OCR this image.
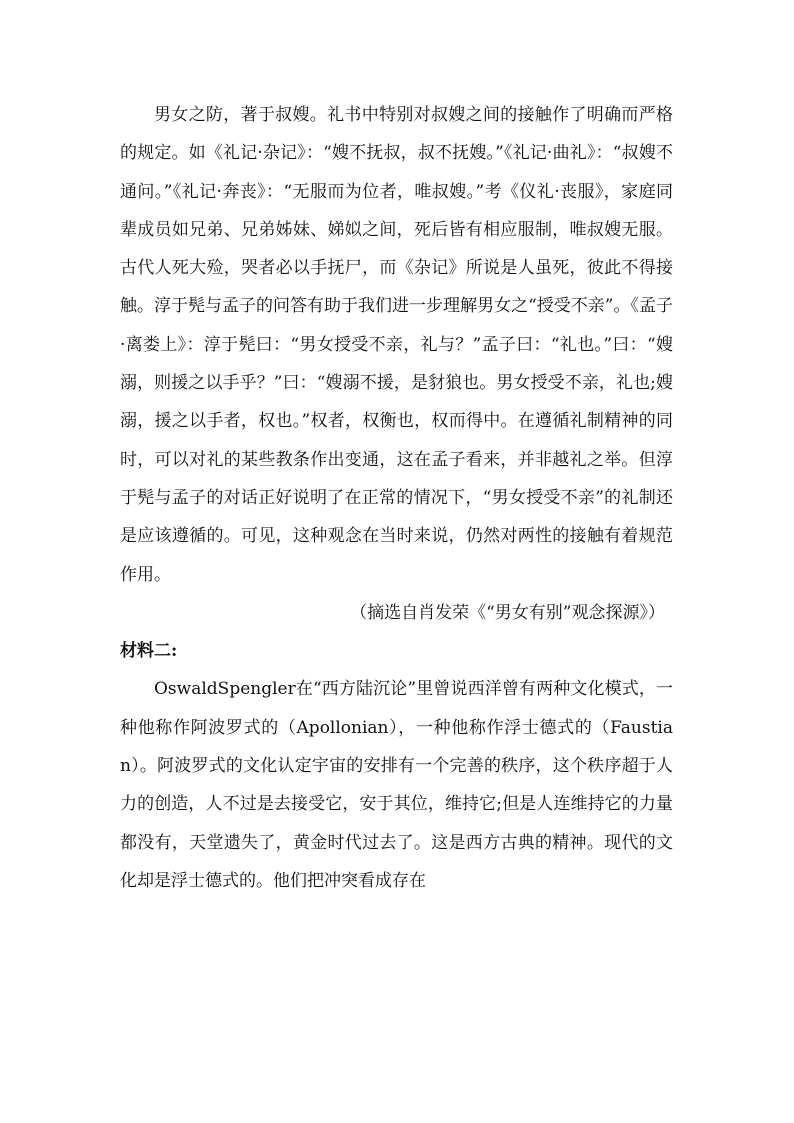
男女之防，著于叔嫂。礼书中特别对叔嫂之间的接触作了明确而严格的规定。如《礼记·杂记》：“嫂不抚叔，叔不抚嫂。”《礼记·曲礼》：“叔嫂不通问。”《礼记·奔丧》：“无服而为位者，唯叔嫂。”考《仪礼·丧服》，家庭同辈成员如兄弟、兄弟姊妹、娣姒之间，死后皆有相应服制，唯叔嫂无服。古代人死大殓，哭者必以手抚尸，而《杂记》所说是人虽死，彼此不得接触。淳于髡与孟子的问答有助于我们进一步理解男女之“授受不亲”。《孟子·离娄上》：淳于髡曰：“男女授受不亲，礼与？”孟子曰：“礼也。”曰：“嫂溺，则援之以手乎？”曰：“嫂溺不援，是豺狼也。男女授受不亲，礼也;嫂溺，援之以手者，权也。”权者，权衡也，权而得中。在遵循礼制精神的同时，可以对礼的某些教条作出变通，这在孟子看来，并非越礼之举。但淳于髡与孟子的对话正好说明了在正常的情况下，“男女授受不亲”的礼制还是应该遵循的。可见，这种观念在当时来说，仍然对两性的接触有着规范作用。

（摘选自肖发荣《“男女有别”观念探源》）

材料二:

OswaldSpengler在“西方陆沉论”里曾说西洋曾有两种文化模式，一种他称作阿波罗式的（Apollonian），一种他称作浮士德式的（Faustian）。阿波罗式的文化认定宇宙的安排有一个完善的秩序，这个秩序超于人力的创造，人不过是去接受它，安于其位，维持它;但是人连维持它的力量都没有，天堂遗失了，黄金时代过去了。这是西方古典的精神。现代的文化却是浮士德式的。他们把冲突看成存在
